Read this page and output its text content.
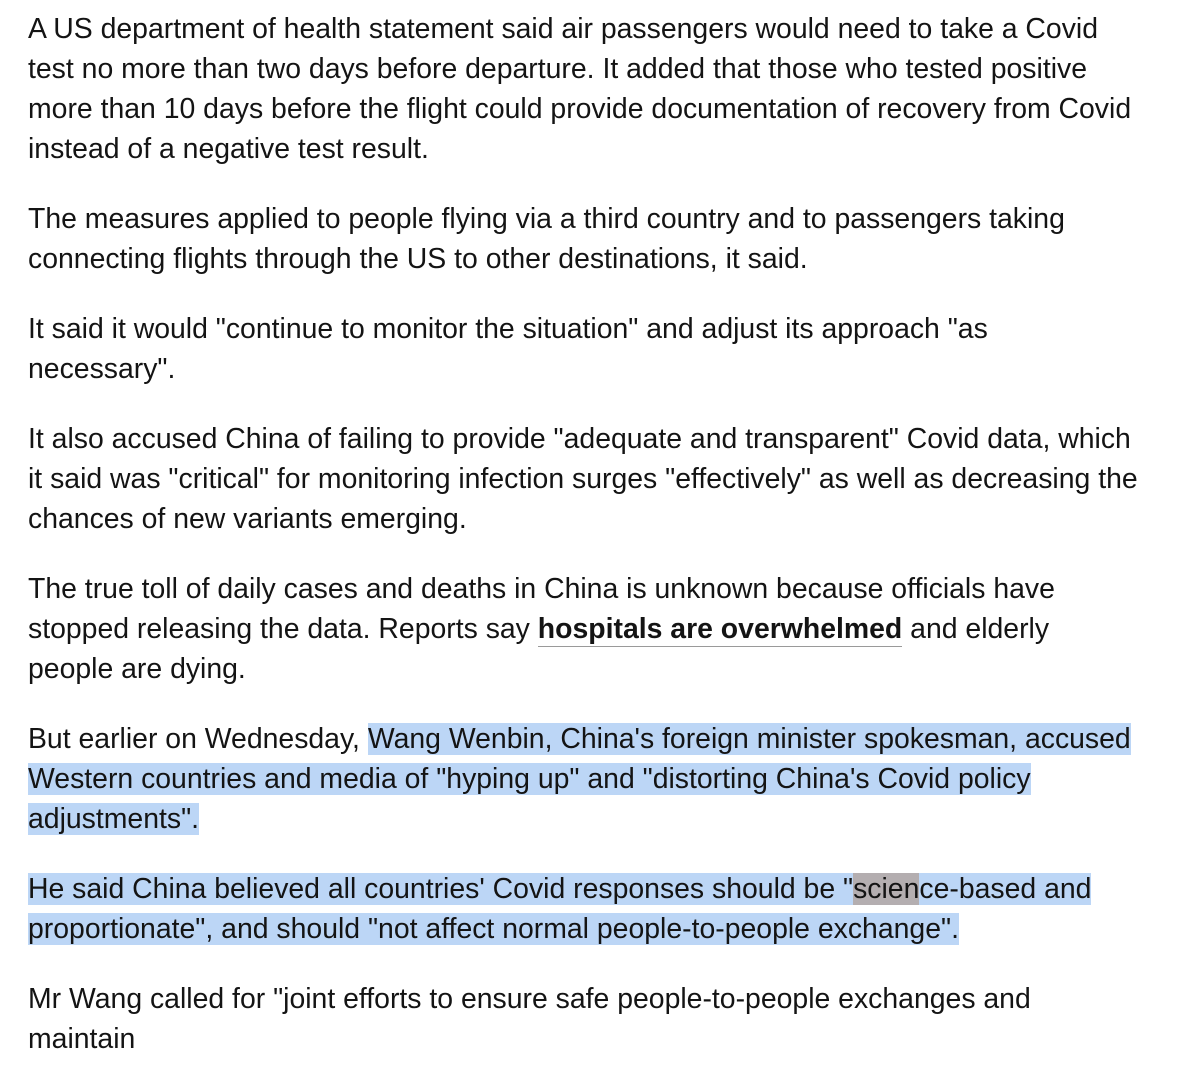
A US department of health statement said air passengers would need to take a Covid test no more than two days before departure. It added that those who tested positive more than 10 days before the flight could provide documentation of recovery from Covid instead of a negative test result.

The measures applied to people flying via a third country and to passengers taking connecting flights through the US to other destinations, it said.

It said it would "continue to monitor the situation" and adjust its approach "as necessary".

It also accused China of failing to provide "adequate and transparent" Covid data, which it said was "critical" for monitoring infection surges "effectively" as well as decreasing the chances of new variants emerging.

The true toll of daily cases and deaths in China is unknown because officials have stopped releasing the data. Reports say hospitals are overwhelmed and elderly people are dying.

But earlier on Wednesday, Wang Wenbin, China's foreign minister spokesman, accused Western countries and media of "hyping up" and "distorting China's Covid policy adjustments".

He said China believed all countries' Covid responses should be "science-based and proportionate", and should "not affect normal people-to-people exchange".

Mr Wang called for "joint efforts to ensure safe people-to-people exchanges and maintain
